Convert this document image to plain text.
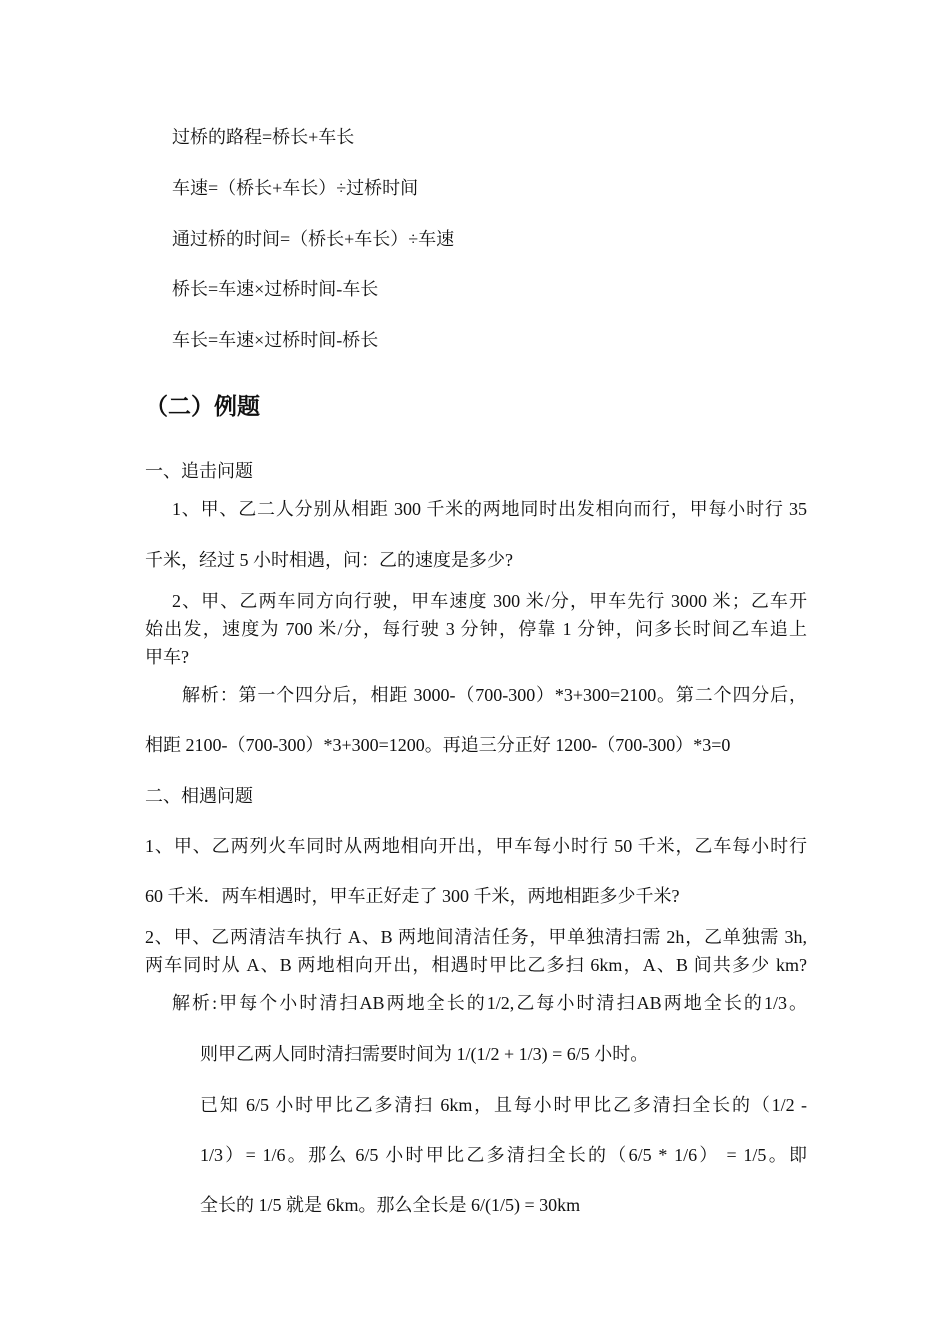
过桥的路程=桥长+车长
车速=（桥长+车长）÷过桥时间
通过桥的时间=（桥长+车长）÷车速
桥长=车速×过桥时间-车长
车长=车速×过桥时间-桥长
（二）例题
一、追击问题
1、甲、乙二人分别从相距 300 千米的两地同时出发相向而行，甲每小时行 35
千米，经过 5 小时相遇，问：乙的速度是多少?
2、甲、乙两车同方向行驶，甲车速度 300 米/分，甲车先行 3000 米；乙车开
始出发，速度为 700 米/分，每行驶 3 分钟，停靠 1 分钟，问多长时间乙车追上
甲车?
解析：第一个四分后，相距 3000-（700-300）*3+300=2100。第二个四分后，
相距 2100-（700-300）*3+300=1200。再追三分正好 1200-（700-300）*3=0
二、相遇问题
1、甲、乙两列火车同时从两地相向开出，甲车每小时行 50 千米，乙车每小时行
60 千米．两车相遇时，甲车正好走了 300 千米，两地相距多少千米?
2、甲、乙两清洁车执行 A、B 两地间清洁任务，甲单独清扫需 2h，乙单独需 3h,
两车同时从 A、B 两地相向开出，相遇时甲比乙多扫 6km，A、B 间共多少 km?
解析:甲每个小时清扫AB两地全长的1/2,乙每小时清扫AB两地全长的1/3。
则甲乙两人同时清扫需要时间为 1/(1/2 + 1/3) = 6/5 小时。
已知 6/5 小时甲比乙多清扫 6km，且每小时甲比乙多清扫全长的（1/2 -
1/3）= 1/6。那么 6/5 小时甲比乙多清扫全长的（6/5 * 1/6） = 1/5。即
全长的 1/5 就是 6km。那么全长是 6/(1/5) = 30km
